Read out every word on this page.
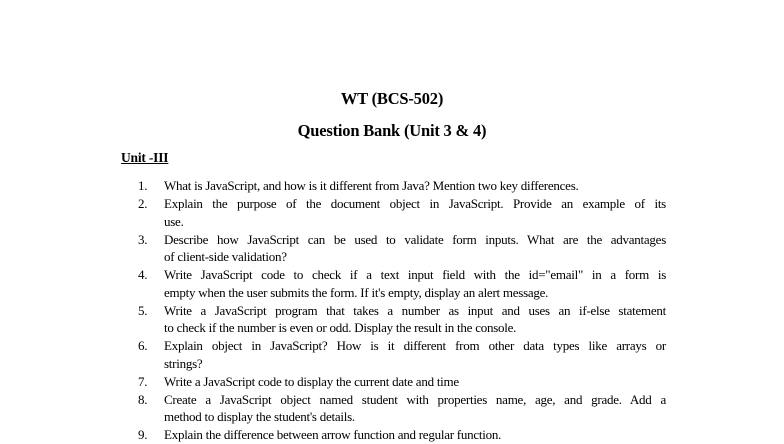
WT (BCS-502)
Question Bank (Unit 3 & 4)
Unit -III
1.	What is JavaScript, and how is it different from Java? Mention two key differences.
2.	Explain the purpose of the document object in JavaScript. Provide an example of its
use.
3.	Describe how JavaScript can be used to validate form inputs. What are the advantages
of client-side validation?
4.	Write JavaScript code to check if a text input field with the id="email" in a form is
empty when the user submits the form. If it's empty, display an alert message.
5.	Write a JavaScript program that takes a number as input and uses an if-else statement
to check if the number is even or odd. Display the result in the console.
6.	Explain object in JavaScript? How is it different from other data types like arrays or
strings?
7.	Write a JavaScript code to display the current date and time
8.	Create a JavaScript object named student with properties name, age, and grade. Add a
method to display the student's details.
9.	Explain the difference between arrow function and regular function.
